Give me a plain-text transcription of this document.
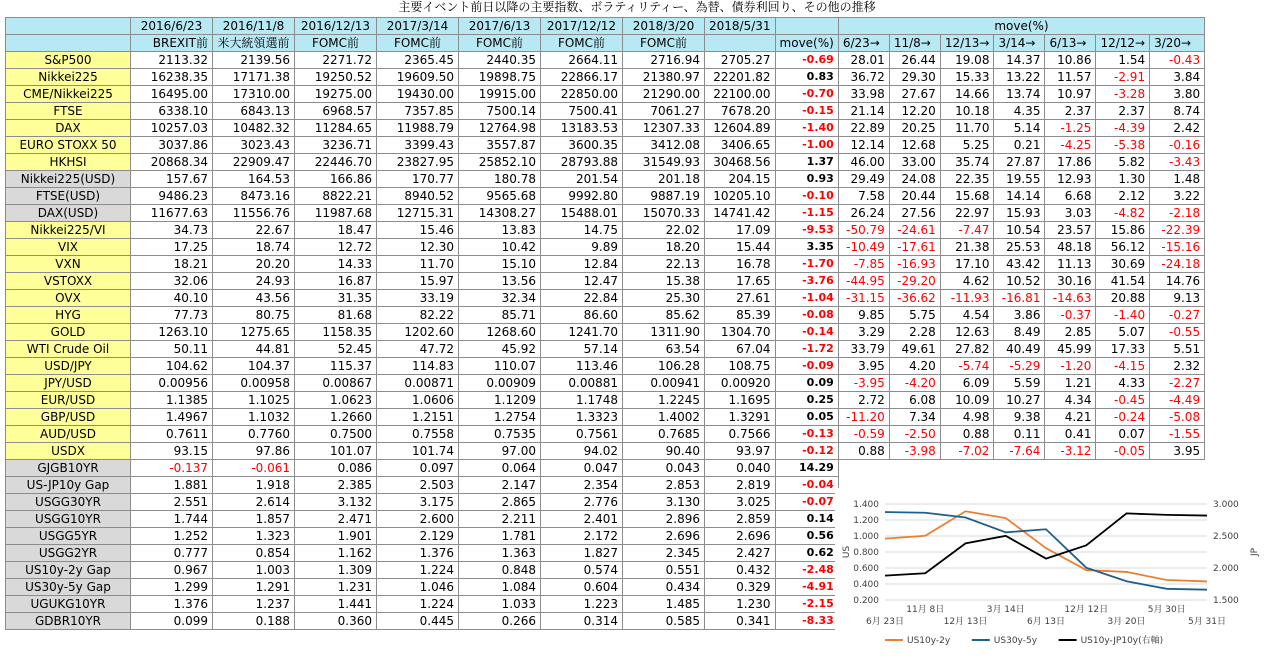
主要イベント前日以降の主要指数、ボラティリティー、為替、債券利回り、その他の推移
	2016/6/23	2016/11/8	2016/12/13	2017/3/14	2017/6/13	2017/12/12	2018/3/20	2018/5/31		move(%)						
	BREXIT前	米大統領選前	FOMC前	FOMC前	FOMC前	FOMC前	FOMC前		move(%)	6/23→	11/8→	12/13→	3/14→	6/13→	12/12→	3/20→
S&P500	2113.32	2139.56	2271.72	2365.45	2440.35	2664.11	2716.94	2705.27	-0.69	28.01	26.44	19.08	14.37	10.86	1.54	-0.43
Nikkei225	16238.35	17171.38	19250.52	19609.50	19898.75	22866.17	21380.97	22201.82	0.83	36.72	29.30	15.33	13.22	11.57	-2.91	3.84
CME/Nikkei225	16495.00	17310.00	19275.00	19430.00	19915.00	22850.00	21290.00	22100.00	-0.70	33.98	27.67	14.66	13.74	10.97	-3.28	3.80
FTSE	6338.10	6843.13	6968.57	7357.85	7500.14	7500.41	7061.27	7678.20	-0.15	21.14	12.20	10.18	4.35	2.37	2.37	8.74
DAX	10257.03	10482.32	11284.65	11988.79	12764.98	13183.53	12307.33	12604.89	-1.40	22.89	20.25	11.70	5.14	-1.25	-4.39	2.42
EURO STOXX 50	3037.86	3023.43	3236.71	3399.43	3557.87	3600.35	3412.08	3406.65	-1.00	12.14	12.68	5.25	0.21	-4.25	-5.38	-0.16
HKHSI	20868.34	22909.47	22446.70	23827.95	25852.10	28793.88	31549.93	30468.56	1.37	46.00	33.00	35.74	27.87	17.86	5.82	-3.43
Nikkei225(USD)	157.67	164.53	166.86	170.77	180.78	201.54	201.18	204.15	0.93	29.49	24.08	22.35	19.55	12.93	1.30	1.48
FTSE(USD)	9486.23	8473.16	8822.21	8940.52	9565.68	9992.80	9887.19	10205.10	-0.10	7.58	20.44	15.68	14.14	6.68	2.12	3.22
DAX(USD)	11677.63	11556.76	11987.68	12715.31	14308.27	15488.01	15070.33	14741.42	-1.15	26.24	27.56	22.97	15.93	3.03	-4.82	-2.18
Nikkei225/VI	34.73	22.67	18.47	15.46	13.83	14.75	22.02	17.09	-9.53	-50.79	-24.61	-7.47	10.54	23.57	15.86	-22.39
VIX	17.25	18.74	12.72	12.30	10.42	9.89	18.20	15.44	3.35	-10.49	-17.61	21.38	25.53	48.18	56.12	-15.16
VXN	18.21	20.20	14.33	11.70	15.10	12.84	22.13	16.78	-1.70	-7.85	-16.93	17.10	43.42	11.13	30.69	-24.18
VSTOXX	32.06	24.93	16.87	15.97	13.56	12.47	15.38	17.65	-3.76	-44.95	-29.20	4.62	10.52	30.16	41.54	14.76
OVX	40.10	43.56	31.35	33.19	32.34	22.84	25.30	27.61	-1.04	-31.15	-36.62	-11.93	-16.81	-14.63	20.88	9.13
HYG	77.73	80.75	81.68	82.22	85.71	86.60	85.62	85.39	-0.08	9.85	5.75	4.54	3.86	-0.37	-1.40	-0.27
GOLD	1263.10	1275.65	1158.35	1202.60	1268.60	1241.70	1311.90	1304.70	-0.14	3.29	2.28	12.63	8.49	2.85	5.07	-0.55
WTI Crude Oil	50.11	44.81	52.45	47.72	45.92	57.14	63.54	67.04	-1.72	33.79	49.61	27.82	40.49	45.99	17.33	5.51
USD/JPY	104.62	104.37	115.37	114.83	110.07	113.46	106.28	108.75	-0.09	3.95	4.20	-5.74	-5.29	-1.20	-4.15	2.32
JPY/USD	0.00956	0.00958	0.00867	0.00871	0.00909	0.00881	0.00941	0.00920	0.09	-3.95	-4.20	6.09	5.59	1.21	4.33	-2.27
EUR/USD	1.1385	1.1025	1.0623	1.0606	1.1209	1.1748	1.2245	1.1695	0.25	2.72	6.08	10.09	10.27	4.34	-0.45	-4.49
GBP/USD	1.4967	1.1032	1.2660	1.2151	1.2754	1.3323	1.4002	1.3291	0.05	-11.20	7.34	4.98	9.38	4.21	-0.24	-5.08
AUD/USD	0.7611	0.7760	0.7500	0.7558	0.7535	0.7561	0.7685	0.7566	-0.13	-0.59	-2.50	0.88	0.11	0.41	0.07	-1.55
USDX	93.15	97.86	101.07	101.74	97.00	94.02	90.40	93.97	-0.12	0.88	-3.98	-7.02	-7.64	-3.12	-0.05	3.95
GJGB10YR	-0.137	-0.061	0.086	0.097	0.064	0.047	0.043	0.040	14.29							
US-JP10y Gap	1.881	1.918	2.385	2.503	2.147	2.354	2.853	2.819	-0.04							
USGG30YR	2.551	2.614	3.132	3.175	2.865	2.776	3.130	3.025	-0.07							
USGG10YR	1.744	1.857	2.471	2.600	2.211	2.401	2.896	2.859	0.14							
USGG5YR	1.252	1.323	1.901	2.129	1.781	2.172	2.696	2.696	0.56							
USGG2YR	0.777	0.854	1.162	1.376	1.363	1.827	2.345	2.427	0.62							
US10y-2y Gap	0.967	1.003	1.309	1.224	0.848	0.574	0.551	0.432	-2.48							
US30y-5y Gap	1.299	1.291	1.231	1.046	1.084	0.604	0.434	0.329	-4.91							
UGUKG10YR	1.376	1.237	1.441	1.224	1.033	1.223	1.485	1.230	-2.15							
GDBR10YR	0.099	0.188	0.360	0.445	0.266	0.314	0.585	0.341	-8.33							
0.200
0.400
0.600
0.800
1.000
1.200
1.400
1.500
2.000
2.500
3.000
US	JP
11月 8日	3月 14日	12月 12日	5月 30日
6月 23日	12月 13日	6月 13日	3月 20日	5月 31日
US10y-2y	US30y-5y	US10y-JP10y(右軸)
